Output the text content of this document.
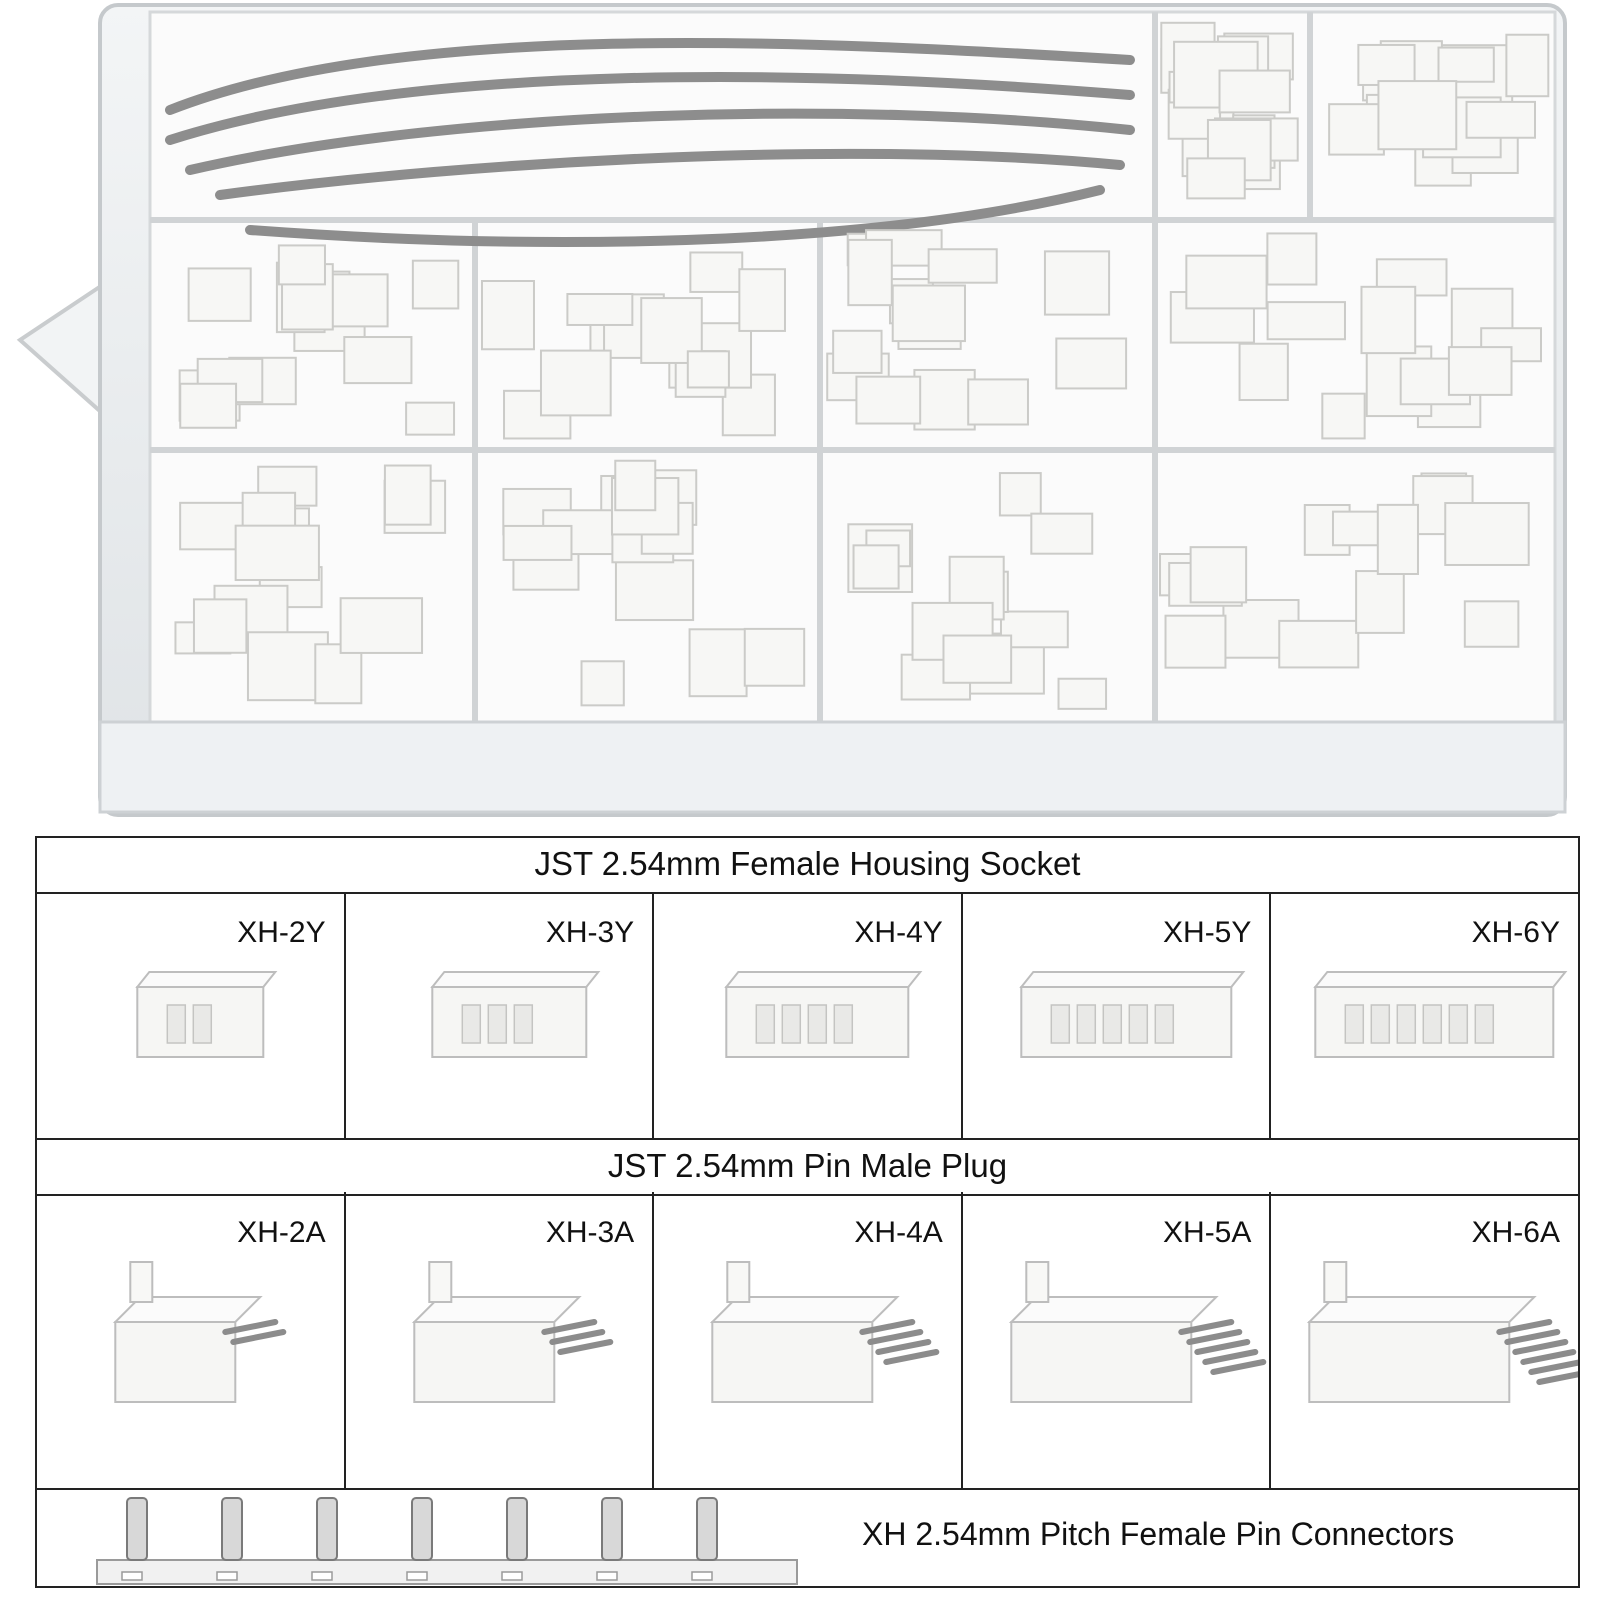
JST 2.54mm Female Housing Socket
XH-2Y	XH-3Y	XH-4Y	XH-5Y	XH-6Y
JST 2.54mm Pin Male Plug
XH-2A	XH-3A	XH-4A	XH-5A	XH-6A
XH 2.54mm Pitch Female Pin Connectors
